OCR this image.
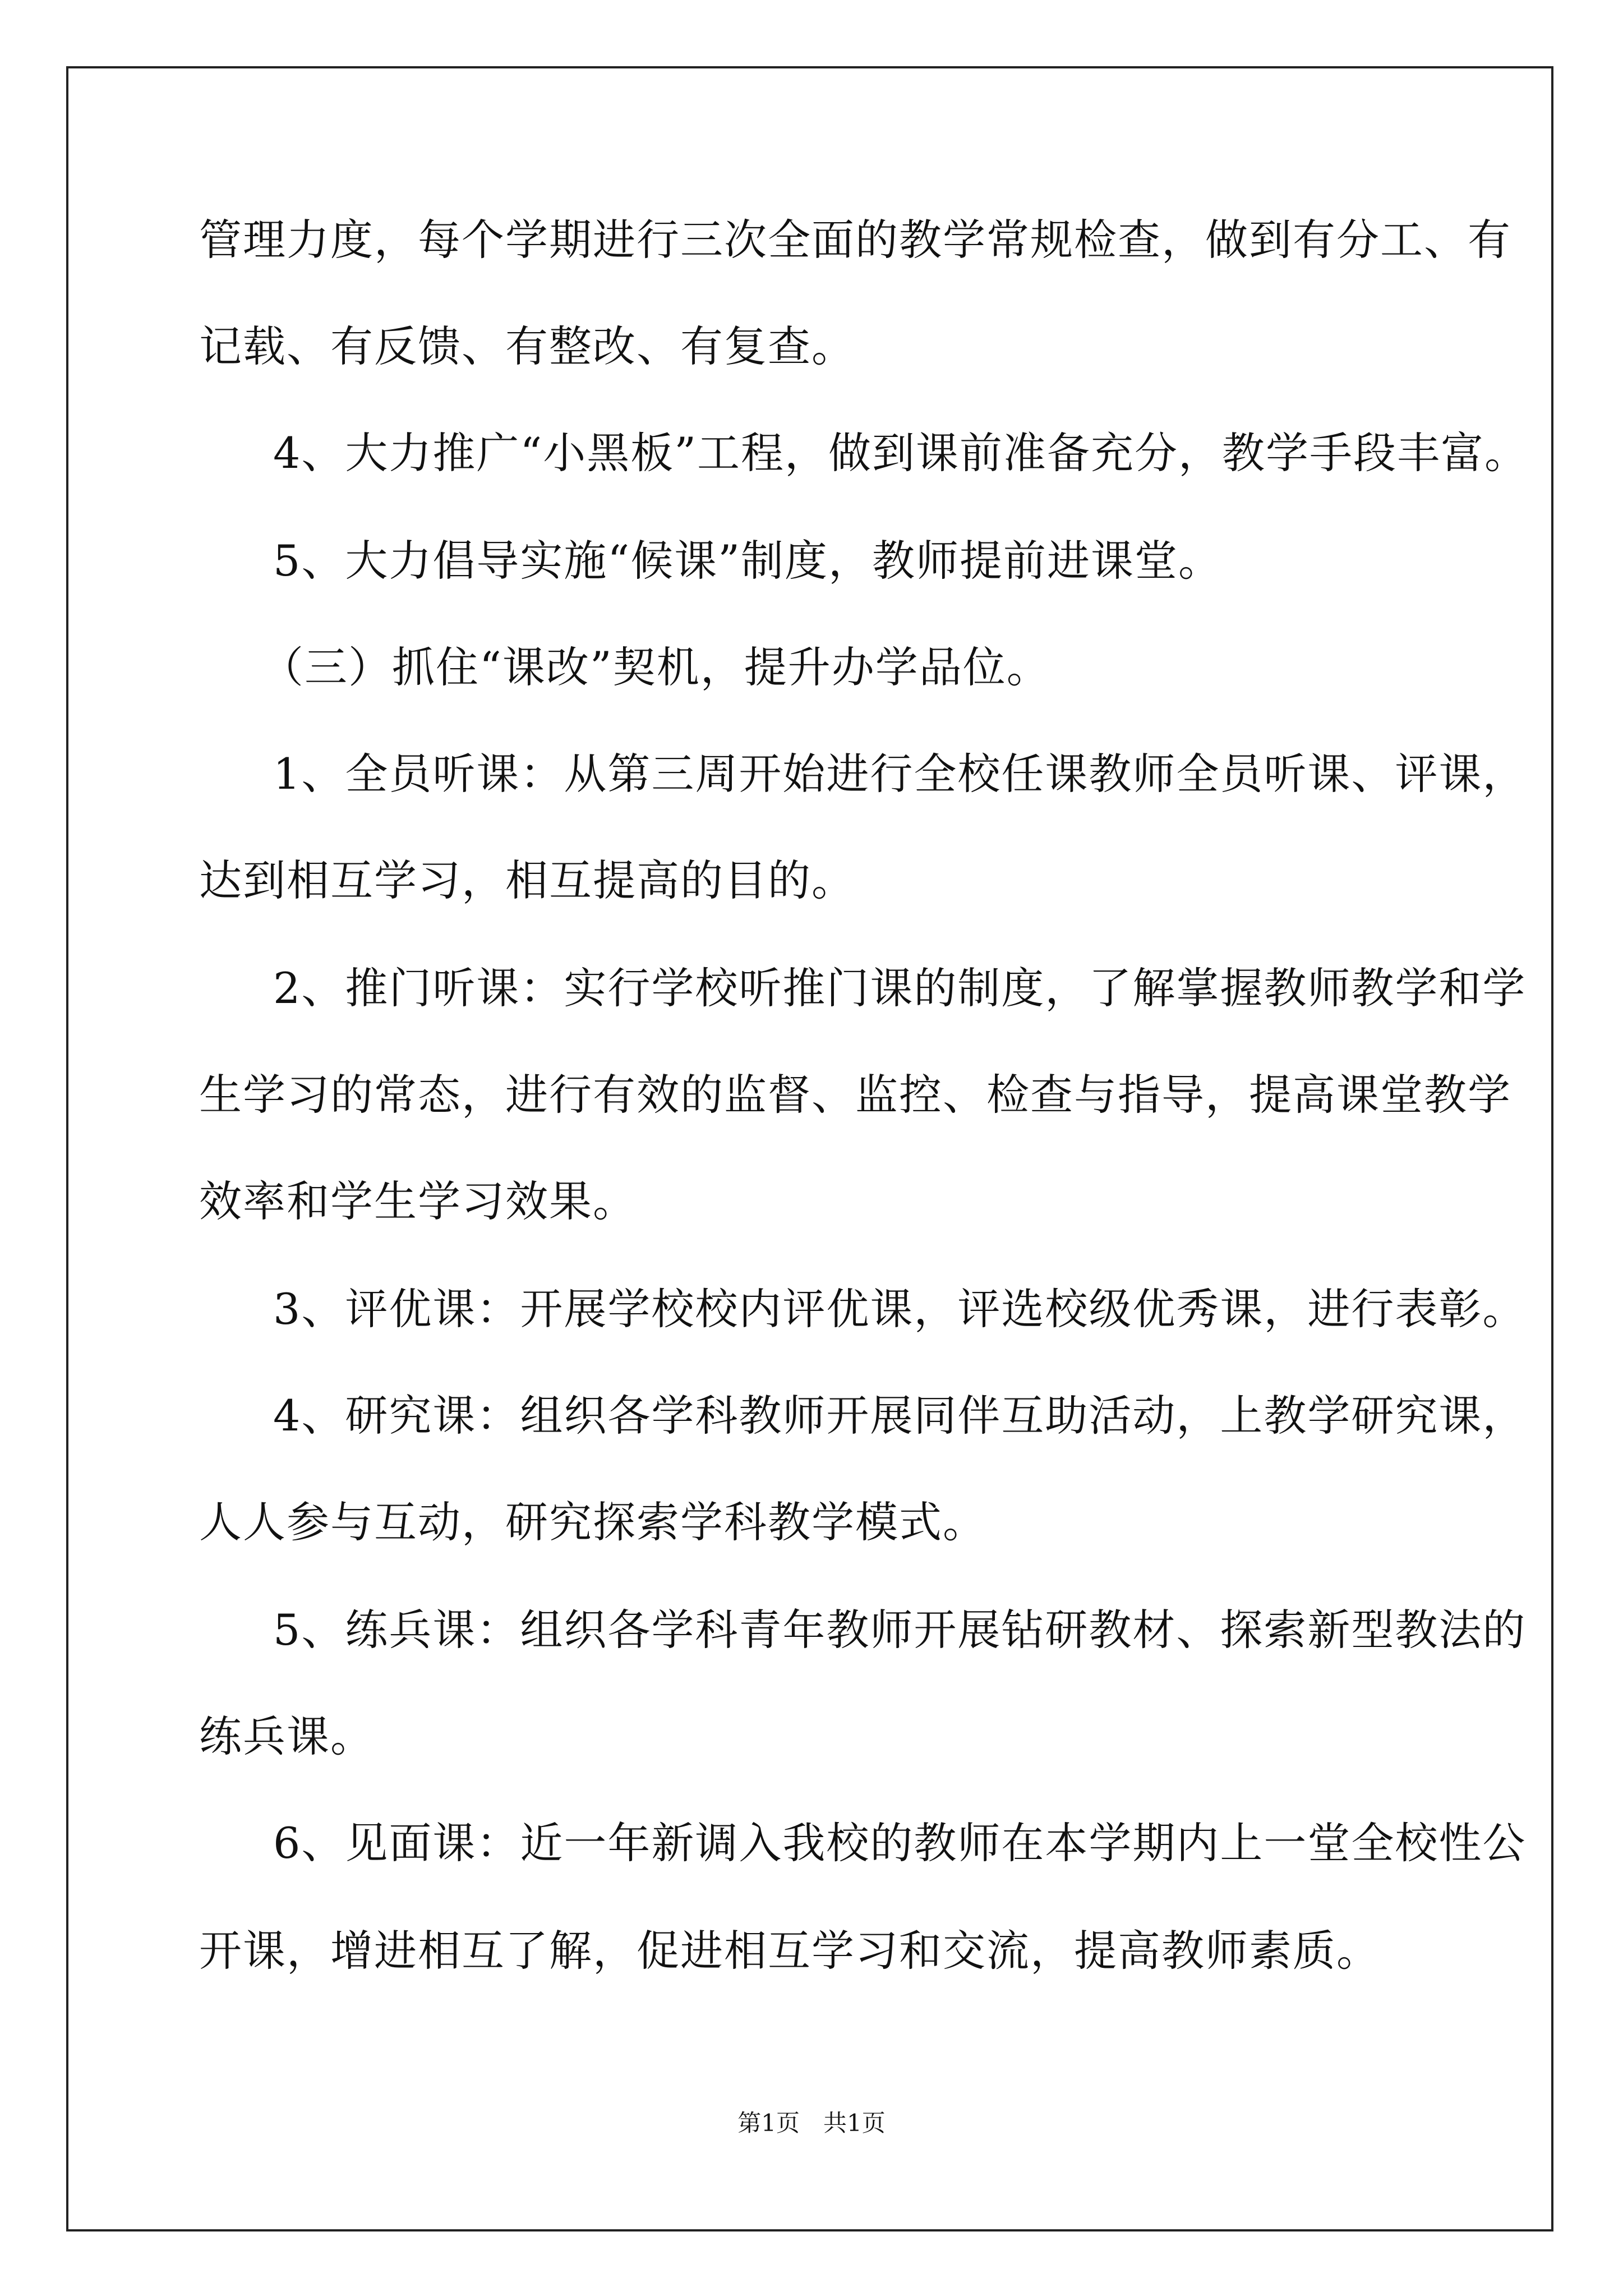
管理力度，每个学期进行三次全面的教学常规检查，做到有分工、有
记载、有反馈、有整改、有复查。
4、大力推广“小黑板”工程，做到课前准备充分，教学手段丰富。
5、大力倡导实施“候课”制度，教师提前进课堂。
（三）抓住“课改”契机，提升办学品位。
1、全员听课：从第三周开始进行全校任课教师全员听课、评课，
达到相互学习，相互提高的目的。
2、推门听课：实行学校听推门课的制度，了解掌握教师教学和学
生学习的常态，进行有效的监督、监控、检查与指导，提高课堂教学
效率和学生学习效果。
3、评优课：开展学校校内评优课，评选校级优秀课，进行表彰。
4、研究课：组织各学科教师开展同伴互助活动，上教学研究课，
人人参与互动，研究探索学科教学模式。
5、练兵课：组织各学科青年教师开展钻研教材、探索新型教法的
练兵课。
6、见面课：近一年新调入我校的教师在本学期内上一堂全校性公
开课，增进相互了解，促进相互学习和交流，提高教师素质。
第1页　共1页
